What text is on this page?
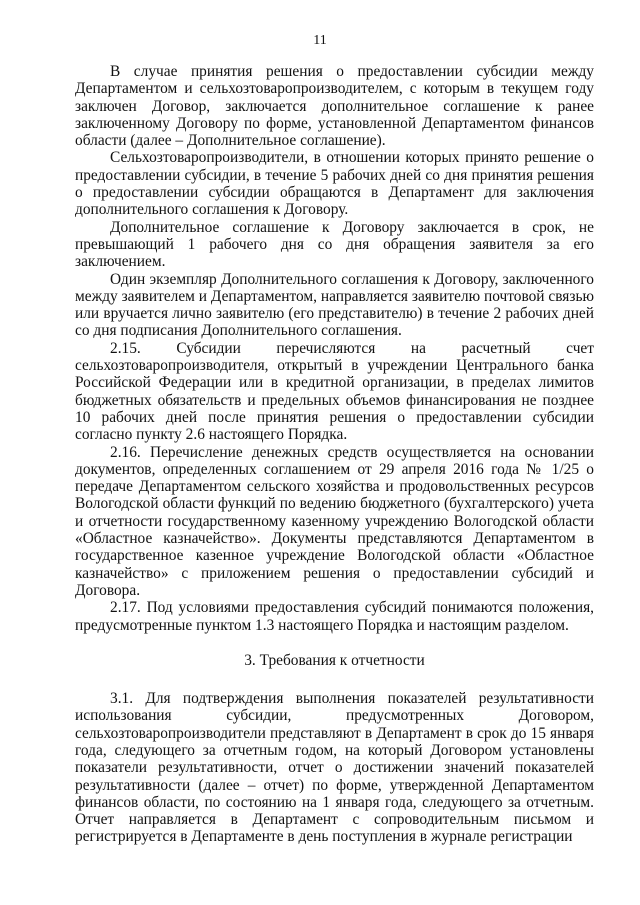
11

В случае принятия решения о предоставлении субсидии между Департаментом и сельхозтоваропроизводителем, с которым в текущем году заключен Договор, заключается дополнительное соглашение к ранее заключенному Договору по форме, установленной Департаментом финансов области (далее – Дополнительное соглашение).

Сельхозтоваропроизводители, в отношении которых принято решение о предоставлении субсидии, в течение 5 рабочих дней со дня принятия решения о предоставлении субсидии обращаются в Департамент для заключения дополнительного соглашения к Договору.

Дополнительное соглашение к Договору заключается в срок, не превышающий 1 рабочего дня со дня обращения заявителя за его заключением.

Один экземпляр Дополнительного соглашения к Договору, заключенного между заявителем и Департаментом, направляется заявителю почтовой связью или вручается лично заявителю (его представителю) в течение 2 рабочих дней со дня подписания Дополнительного соглашения.

2.15. Субсидии перечисляются на расчетный счет сельхозтоваропроизводителя, открытый в учреждении Центрального банка Российской Федерации или в кредитной организации, в пределах лимитов бюджетных обязательств и предельных объемов финансирования не позднее 10 рабочих дней после принятия решения о предоставлении субсидии согласно пункту 2.6 настоящего Порядка.

2.16. Перечисление денежных средств осуществляется на основании документов, определенных соглашением от 29 апреля 2016 года № 1/25 о передаче Департаментом сельского хозяйства и продовольственных ресурсов Вологодской области функций по ведению бюджетного (бухгалтерского) учета и отчетности государственному казенному учреждению Вологодской области «Областное казначейство». Документы представляются Департаментом в государственное казенное учреждение Вологодской области «Областное казначейство» с приложением решения о предоставлении субсидий и Договора.

2.17. Под условиями предоставления субсидий понимаются положения, предусмотренные пунктом 1.3 настоящего Порядка и настоящим разделом.

3. Требования к отчетности

3.1. Для подтверждения выполнения показателей результативности использования субсидии, предусмотренных Договором, сельхозтоваропроизводители представляют в Департамент в срок до 15 января года, следующего за отчетным годом, на который Договором установлены показатели результативности, отчет о достижении значений показателей результативности (далее – отчет) по форме, утвержденной Департаментом финансов области, по состоянию на 1 января года, следующего за отчетным. Отчет направляется в Департамент с сопроводительным письмом и регистрируется в Департаменте в день поступления в журнале регистрации
